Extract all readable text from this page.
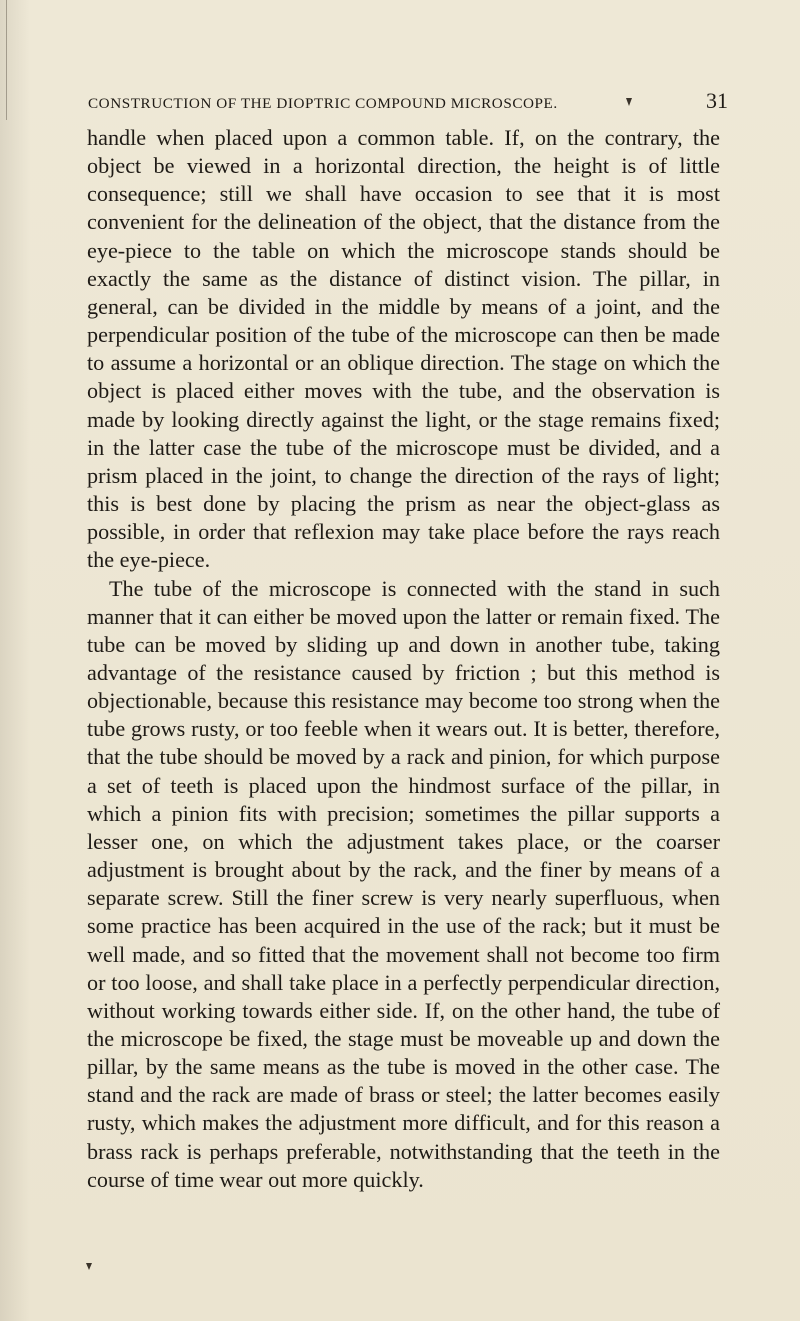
CONSTRUCTION OF THE DIOPTRIC COMPOUND MICROSCOPE.	31

handle when placed upon a common table. If, on the contrary, the object be viewed in a horizontal direction, the height is of little consequence; still we shall have occasion to see that it is most convenient for the delineation of the object, that the distance from the eye-piece to the table on which the microscope stands should be exactly the same as the distance of distinct vision. The pillar, in general, can be divided in the middle by means of a joint, and the perpendicular position of the tube of the microscope can then be made to assume a horizontal or an oblique direction. The stage on which the object is placed either moves with the tube, and the observation is made by looking directly against the light, or the stage remains fixed; in the latter case the tube of the microscope must be divided, and a prism placed in the joint, to change the direction of the rays of light; this is best done by placing the prism as near the object-glass as possible, in order that reflexion may take place before the rays reach the eye-piece.

The tube of the microscope is connected with the stand in such manner that it can either be moved upon the latter or remain fixed. The tube can be moved by sliding up and down in another tube, taking advantage of the resistance caused by friction ; but this method is objectionable, because this resistance may become too strong when the tube grows rusty, or too feeble when it wears out. It is better, therefore, that the tube should be moved by a rack and pinion, for which purpose a set of teeth is placed upon the hindmost surface of the pillar, in which a pinion fits with precision; sometimes the pillar supports a lesser one, on which the adjustment takes place, or the coarser adjustment is brought about by the rack, and the finer by means of a separate screw. Still the finer screw is very nearly superfluous, when some practice has been acquired in the use of the rack; but it must be well made, and so fitted that the movement shall not become too firm or too loose, and shall take place in a perfectly perpendicular direction, without working towards either side. If, on the other hand, the tube of the microscope be fixed, the stage must be moveable up and down the pillar, by the same means as the tube is moved in the other case. The stand and the rack are made of brass or steel; the latter becomes easily rusty, which makes the adjustment more difficult, and for this reason a brass rack is perhaps preferable, notwithstanding that the teeth in the course of time wear out more quickly.
